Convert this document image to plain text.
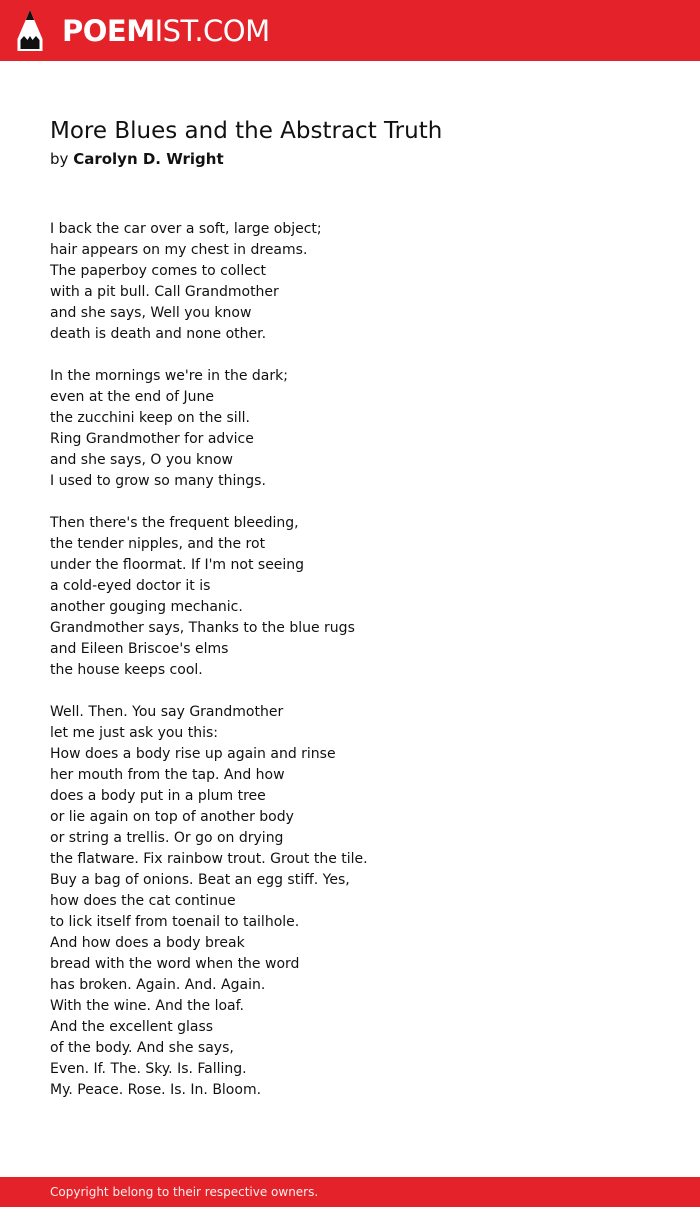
POEMIST.COM
More Blues and the Abstract Truth
by Carolyn D. Wright
I back the car over a soft, large object;
hair appears on my chest in dreams.
The paperboy comes to collect
with a pit bull. Call Grandmother
and she says, Well you know
death is death and none other.
In the mornings we're in the dark;
even at the end of June
the zucchini keep on the sill.
Ring Grandmother for advice
and she says, O you know
I used to grow so many things.
Then there's the frequent bleeding,
the tender nipples, and the rot
under the floormat. If I'm not seeing
a cold-eyed doctor it is
another gouging mechanic.
Grandmother says, Thanks to the blue rugs
and Eileen Briscoe's elms
the house keeps cool.
Well. Then. You say Grandmother
let me just ask you this:
How does a body rise up again and rinse
her mouth from the tap. And how
does a body put in a plum tree
or lie again on top of another body
or string a trellis. Or go on drying
the flatware. Fix rainbow trout. Grout the tile.
Buy a bag of onions. Beat an egg stiff. Yes,
how does the cat continue
to lick itself from toenail to tailhole.
And how does a body break
bread with the word when the word
has broken. Again. And. Again.
With the wine. And the loaf.
And the excellent glass
of the body. And she says,
Even. If. The. Sky. Is. Falling.
My. Peace. Rose. Is. In. Bloom.
Copyright belong to their respective owners.
